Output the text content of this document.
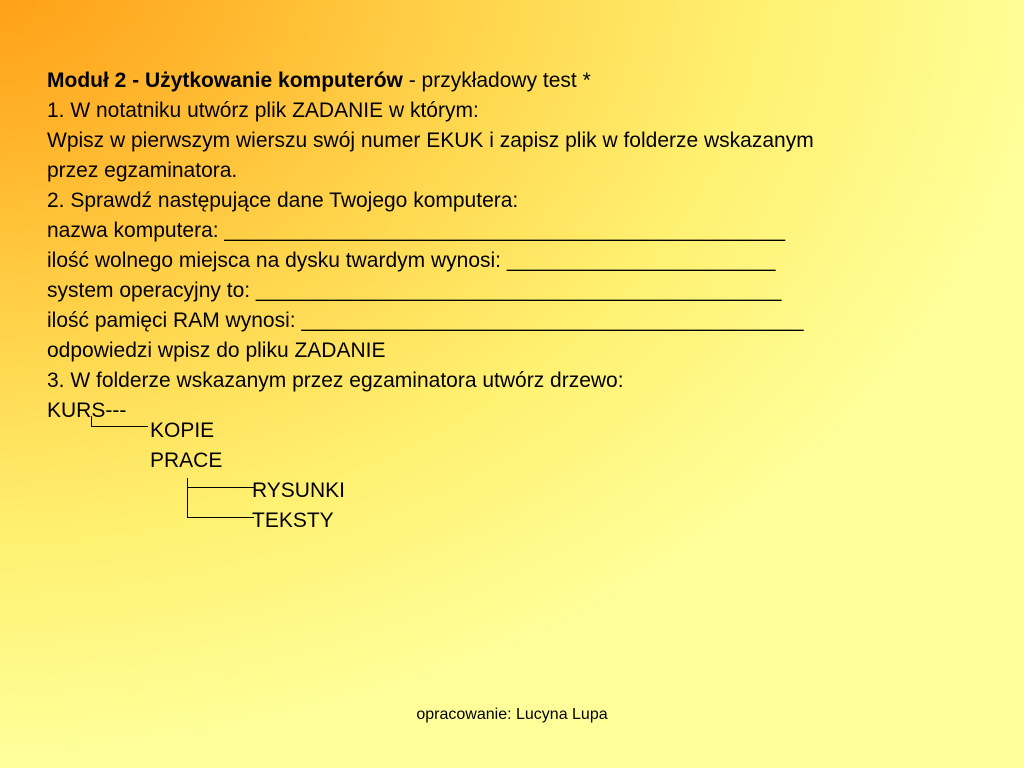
Moduł 2 - Użytkowanie komputerów - przykładowy test *
1. W notatniku utwórz plik ZADANIE w którym:
Wpisz w pierwszym wierszu swój numer EKUK i zapisz plik w folderze wskazanym
przez egzaminatora.
2. Sprawdź następujące dane Twojego komputera:
nazwa komputera: ________________________________________________
ilość wolnego miejsca na dysku twardym wynosi: _______________________
system operacyjny to: _____________________________________________
ilość pamięci RAM wynosi: ___________________________________________
odpowiedzi wpisz do pliku ZADANIE
3. W folderze wskazanym przez egzaminatora utwórz drzewo:
KURS---
KOPIE
PRACE
RYSUNKI
TEKSTY
opracowanie: Lucyna Lupa
